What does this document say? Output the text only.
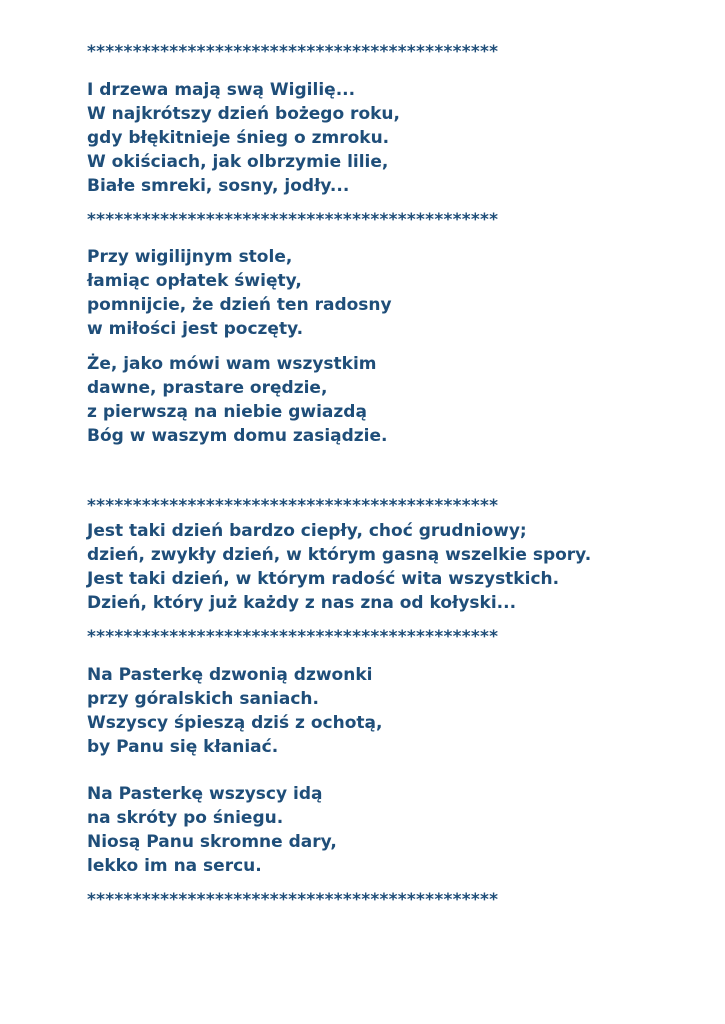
*********************************************

I drzewa mają swą Wigilię...

W najkrótszy dzień bożego roku,

gdy błękitnieje śnieg o zmroku.

W okiściach, jak olbrzymie lilie,

Białe smreki, sosny, jodły...

*********************************************

Przy wigilijnym stole,

łamiąc opłatek święty,

pomnijcie, że dzień ten radosny

w miłości jest poczęty.

Że, jako mówi wam wszystkim

dawne, prastare orędzie,

z pierwszą na niebie gwiazdą

Bóg w waszym domu zasiądzie.

*********************************************

Jest taki dzień bardzo ciepły, choć grudniowy;

dzień, zwykły dzień, w którym gasną wszelkie spory.

Jest taki dzień, w którym radość wita wszystkich.

Dzień, który już każdy z nas zna od kołyski...

*********************************************

Na Pasterkę dzwonią dzwonki

przy góralskich saniach.

Wszyscy śpieszą dziś z ochotą,

by Panu się kłaniać.

Na Pasterkę wszyscy idą

na skróty po śniegu.

Niosą Panu skromne dary,

lekko im na sercu.

*********************************************
